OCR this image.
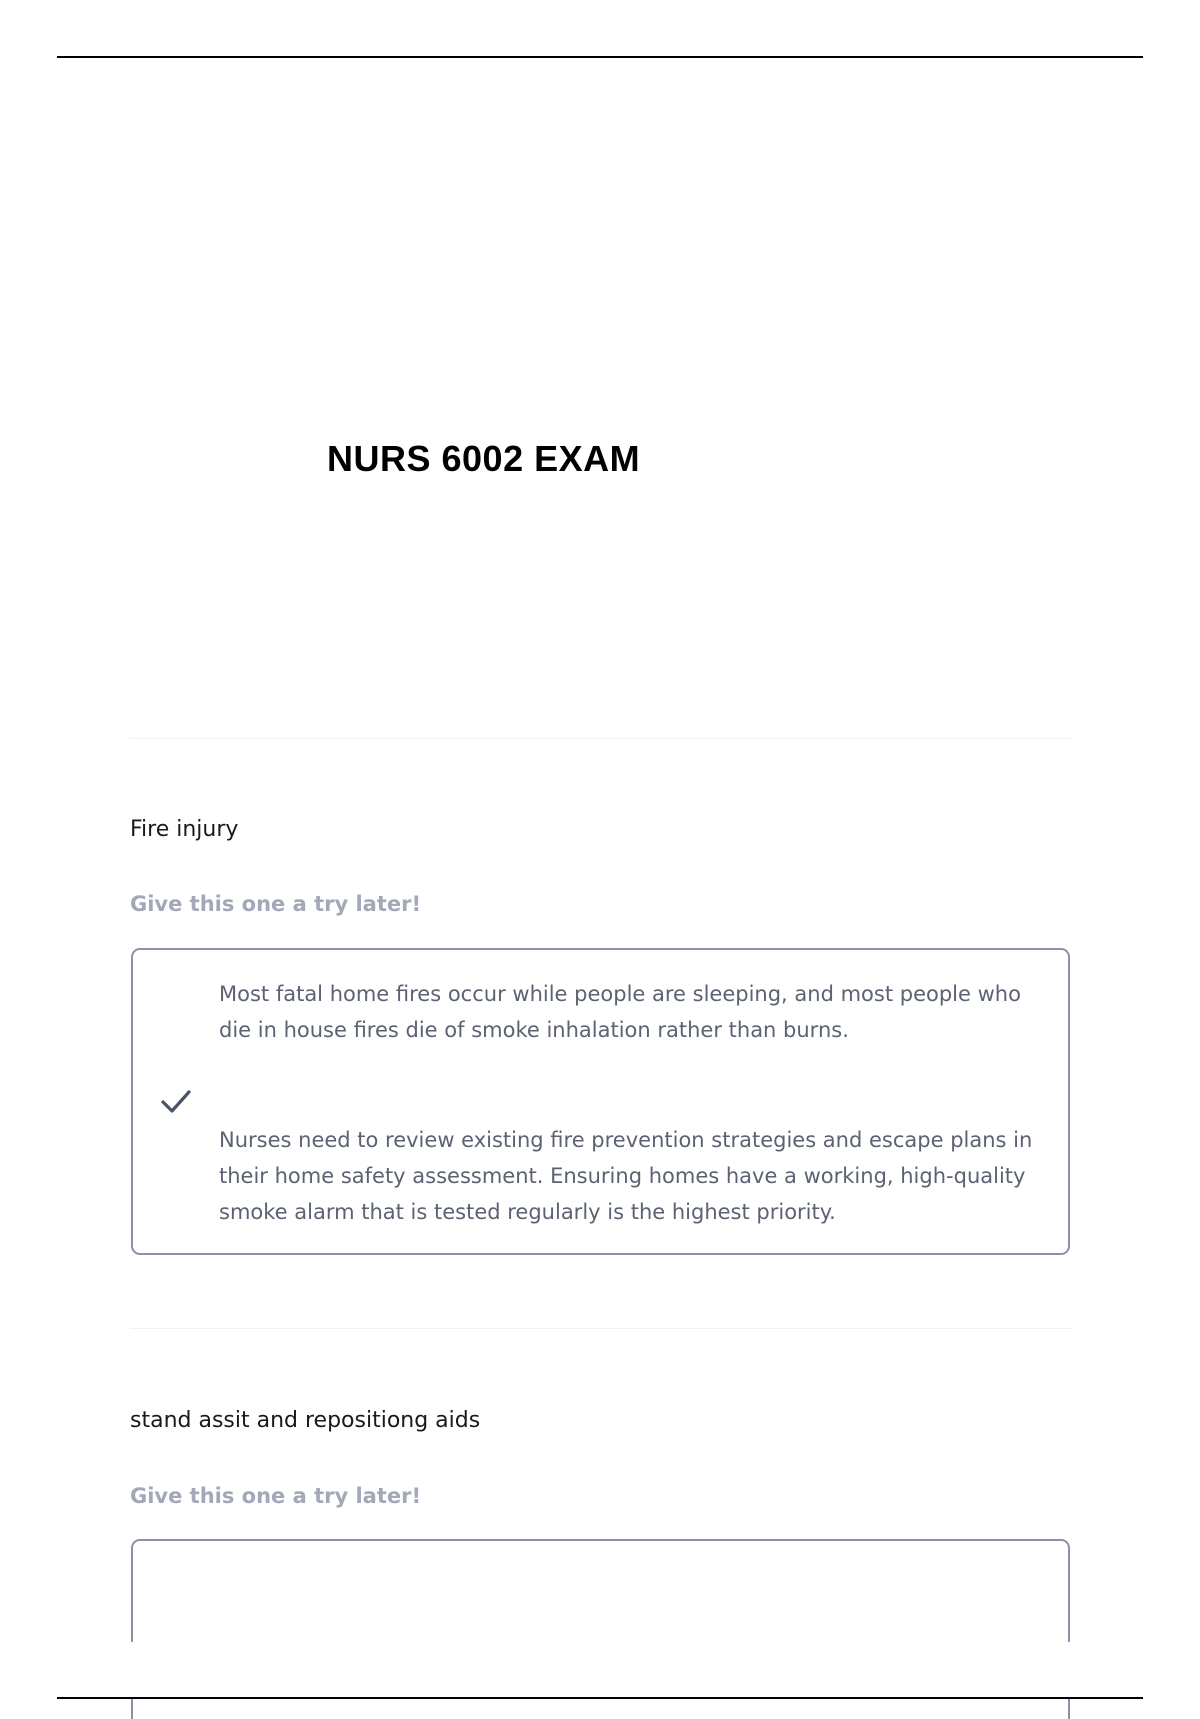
NURS 6002 EXAM
Fire injury
Give this one a try later!

Most fatal home fires occur while people are sleeping, and most people who die in house fires die of smoke inhalation rather than burns.

Nurses need to review existing fire prevention strategies and escape plans in their home safety assessment. Ensuring homes have a working, high-quality smoke alarm that is tested regularly is the highest priority.

stand assit and repositiong aids
Give this one a try later!
